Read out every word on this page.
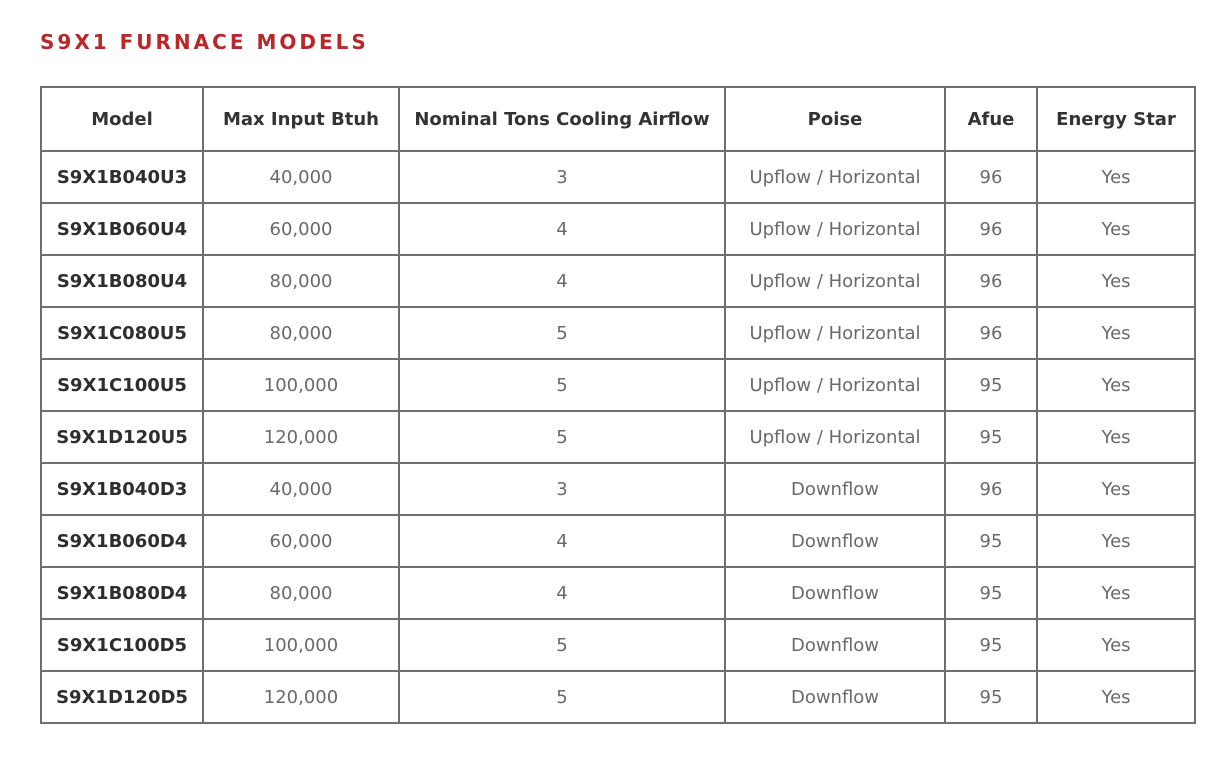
S9X1 FURNACE MODELS
Model	Max Input Btuh	Nominal Tons Cooling Airflow	Poise	Afue	Energy Star
S9X1B040U3	40,000	3	Upflow / Horizontal	96	Yes
S9X1B060U4	60,000	4	Upflow / Horizontal	96	Yes
S9X1B080U4	80,000	4	Upflow / Horizontal	96	Yes
S9X1C080U5	80,000	5	Upflow / Horizontal	96	Yes
S9X1C100U5	100,000	5	Upflow / Horizontal	95	Yes
S9X1D120U5	120,000	5	Upflow / Horizontal	95	Yes
S9X1B040D3	40,000	3	Downflow	96	Yes
S9X1B060D4	60,000	4	Downflow	95	Yes
S9X1B080D4	80,000	4	Downflow	95	Yes
S9X1C100D5	100,000	5	Downflow	95	Yes
S9X1D120D5	120,000	5	Downflow	95	Yes
